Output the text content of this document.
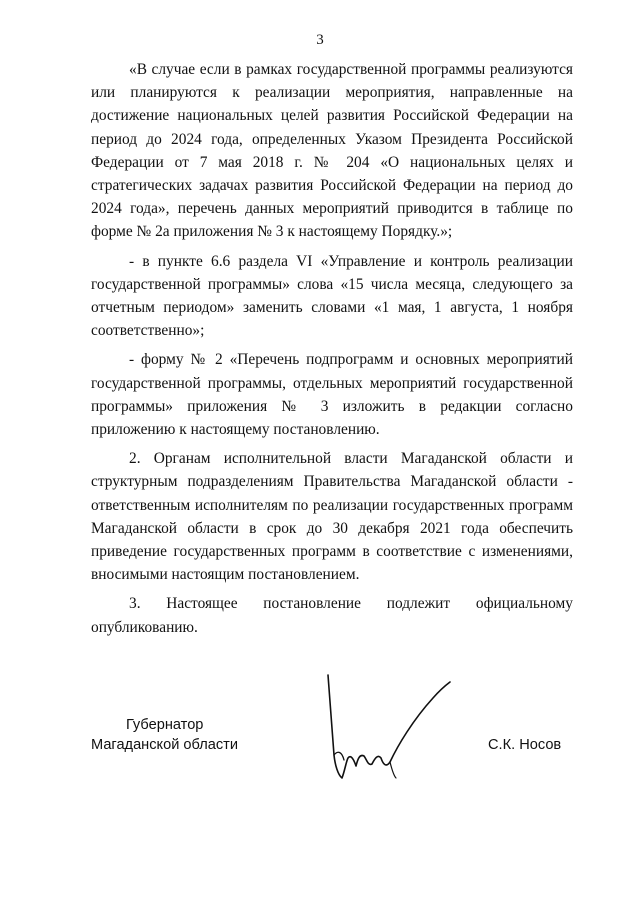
3

«В случае если в рамках государственной программы реализуются или планируются к реализации мероприятия, направленные на достижение национальных целей развития Российской Федерации на период до 2024 года, определенных Указом Президента Российской Федерации от 7 мая 2018 г. № 204 «О национальных целях и стратегических задачах развития Российской Федерации на период до 2024 года», перечень данных мероприятий приводится в таблице по форме № 2а приложения № 3 к настоящему Порядку.»;

- в пункте 6.6 раздела VI «Управление и контроль реализации государственной программы» слова «15 числа месяца, следующего за отчетным периодом» заменить словами «1 мая, 1 августа, 1 ноября соответственно»;

- форму № 2 «Перечень подпрограмм и основных мероприятий государственной программы, отдельных мероприятий государственной программы» приложения № 3 изложить в редакции согласно приложению к настоящему постановлению.

2. Органам исполнительной власти Магаданской области и структурным подразделениям Правительства Магаданской области - ответственным исполнителям по реализации государственных программ Магаданской области в срок до 30 декабря 2021 года обеспечить приведение государственных программ в соответствие с изменениями, вносимыми настоящим постановлением.

3. Настоящее постановление подлежит официальному опубликованию.

Губернатор
Магаданской области	С.К. Носов
